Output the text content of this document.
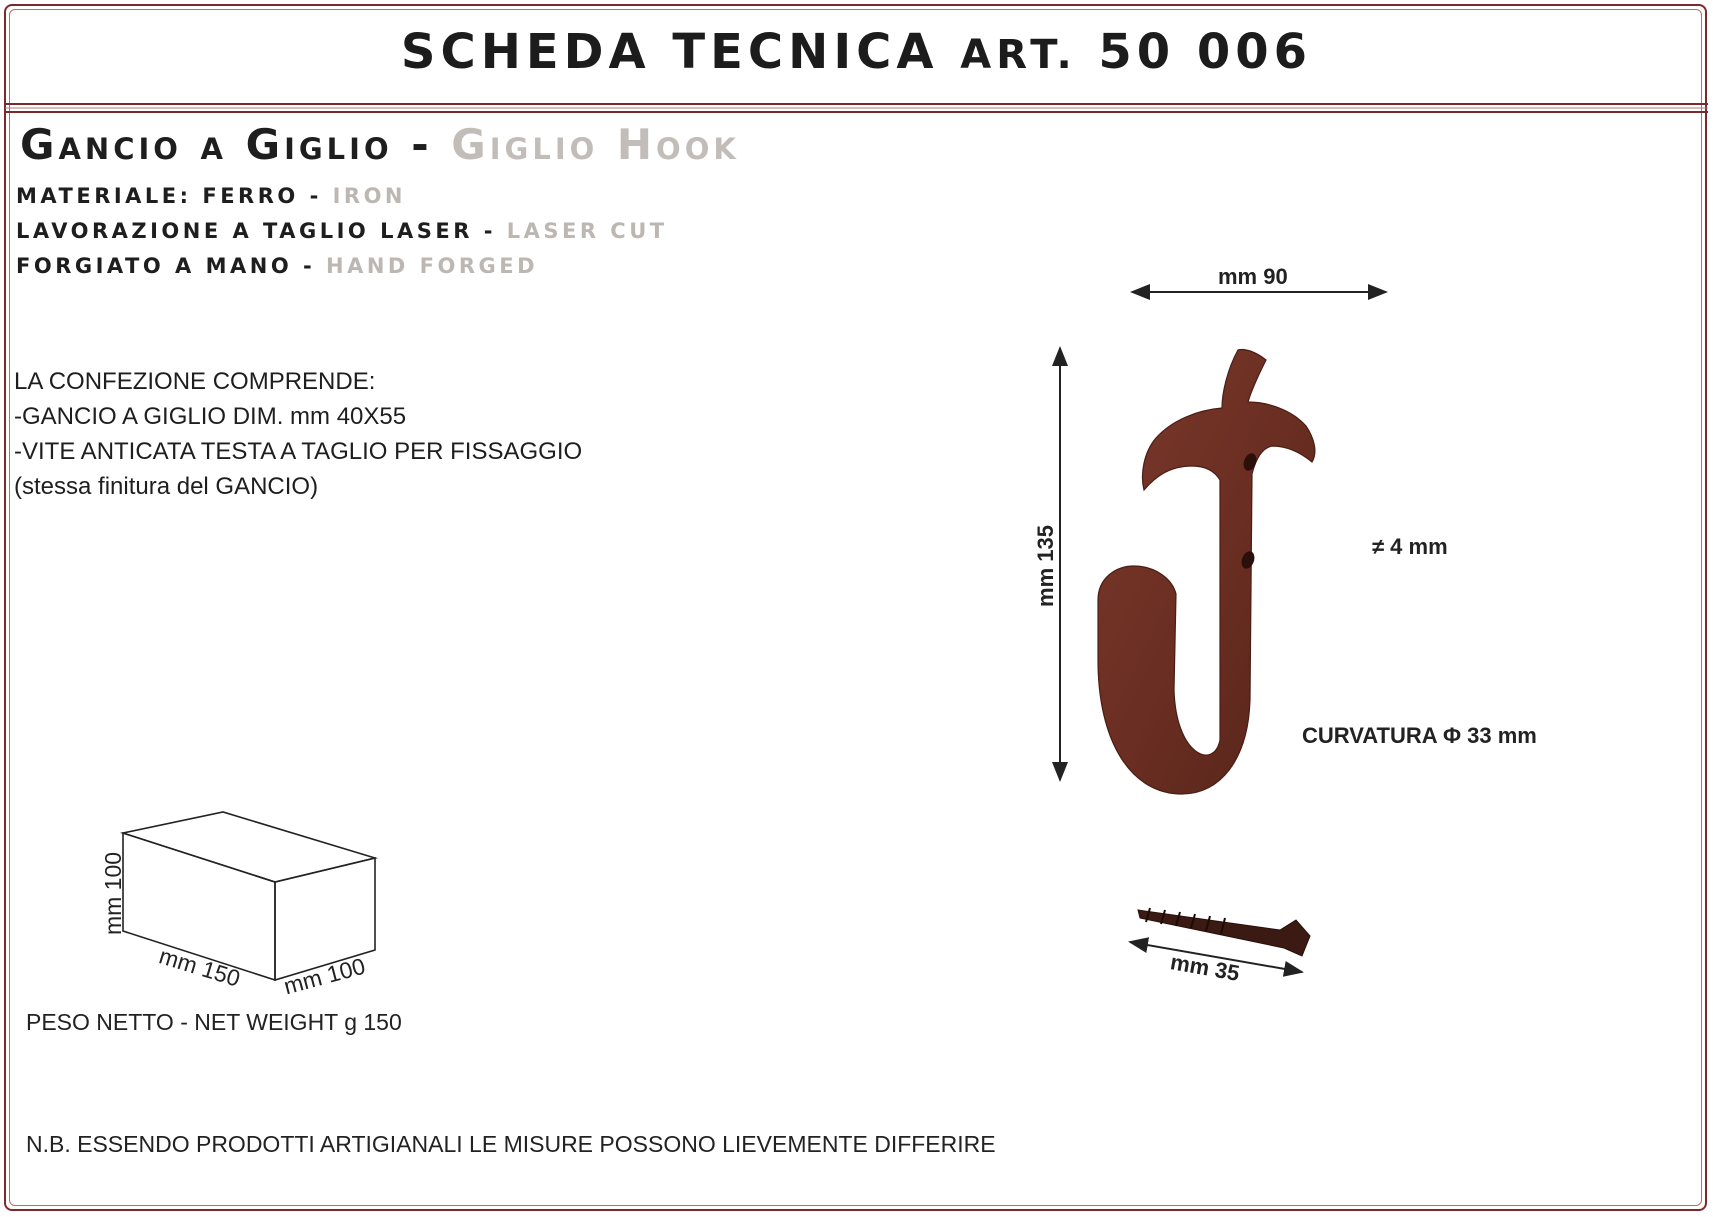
SCHEDA TECNICA ART. 50 006
Gancio a Giglio - Giglio Hook
MATERIALE: FERRO - IRON
LAVORAZIONE A TAGLIO LASER - LASER CUT
FORGIATO A MANO - HAND FORGED
LA CONFEZIONE COMPRENDE:
-GANCIO A GIGLIO DIM. mm 40X55
-VITE ANTICATA TESTA A TAGLIO PER FISSAGGIO
(stessa finitura del GANCIO)
mm 100
mm 150 mm 100
PESO NETTO - NET WEIGHT g 150
mm 90
mm 135	≠ 4 mm
CURVATURA Φ 33 mm
mm 35
N.B. ESSENDO PRODOTTI ARTIGIANALI LE MISURE POSSONO LIEVEMENTE DIFFERIRE
